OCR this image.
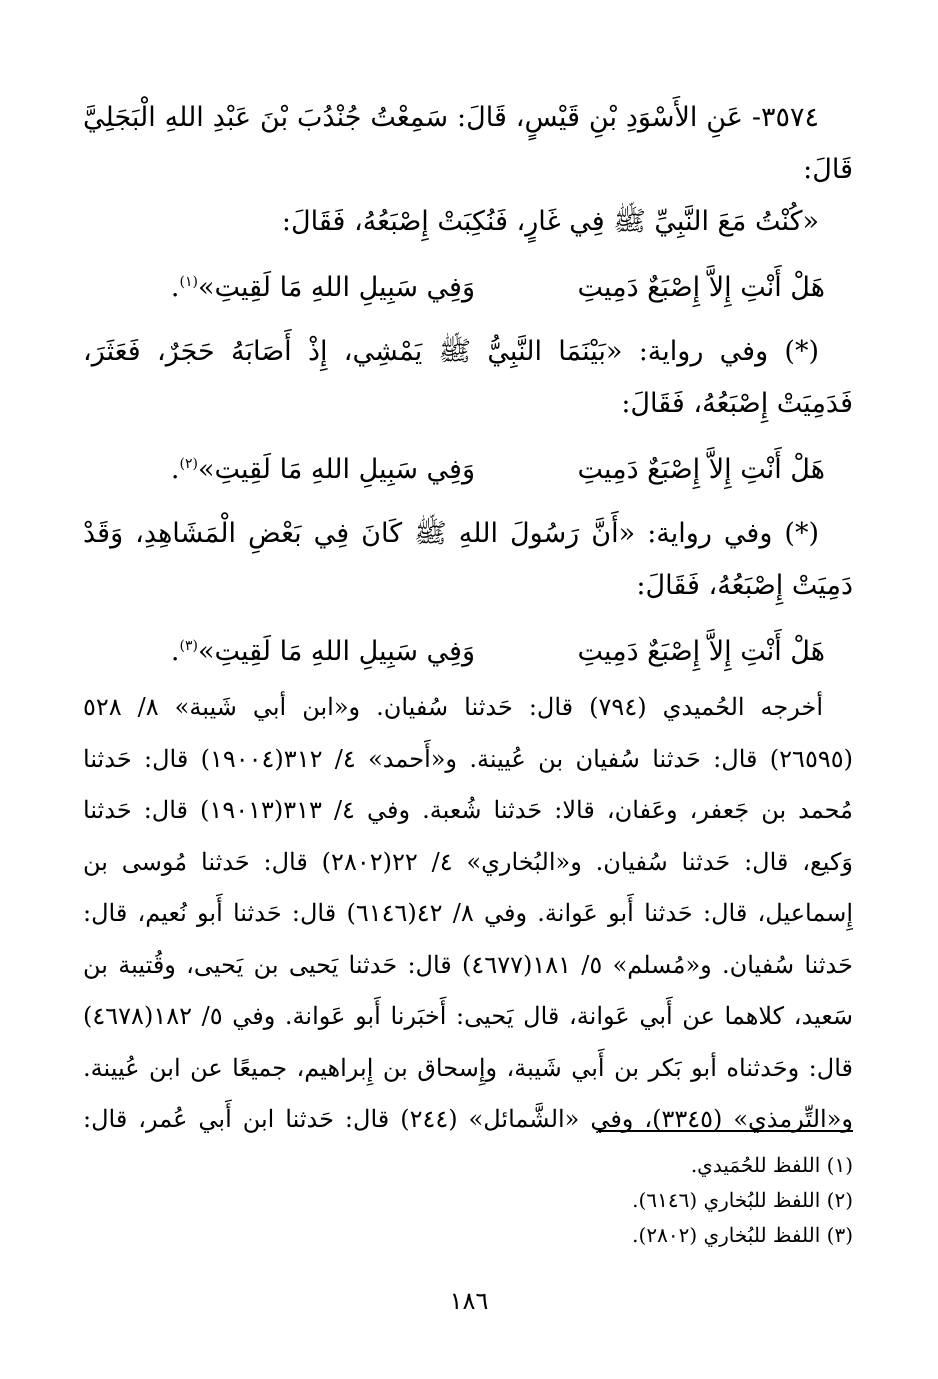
٣٥٧٤- عَنِ الأَسْوَدِ بْنِ قَيْسٍ، قَالَ: سَمِعْتُ جُنْدُبَ بْنَ عَبْدِ اللهِ الْبَجَلِيَّ قَالَ:

«كُنْتُ مَعَ النَّبِيِّ ﷺ فِي غَارٍ، فَنُكِبَتْ إِصْبَعُهُ، فَقَالَ:

هَلْ أَنْتِ إِلاَّ إِصْبَعٌ دَمِيتِ
وَفِي سَبِيلِ اللهِ مَا لَقِيتِ»$^{(١)}$.

(*) وفي رواية: «بَيْنَمَا النَّبِيُّ ﷺ يَمْشِي، إِذْ أَصَابَهُ حَجَرٌ، فَعَثَرَ، فَدَمِيَتْ إِصْبَعُهُ، فَقَالَ:

هَلْ أَنْتِ إِلاَّ إِصْبَعٌ دَمِيتِ
وَفِي سَبِيلِ اللهِ مَا لَقِيتِ»$^{(٢)}$.

(*) وفي رواية: «أَنَّ رَسُولَ اللهِ ﷺ كَانَ فِي بَعْضِ الْمَشَاهِدِ، وَقَدْ دَمِيَتْ إِصْبَعُهُ، فَقَالَ:

هَلْ أَنْتِ إِلاَّ إِصْبَعٌ دَمِيتِ
وَفِي سَبِيلِ اللهِ مَا لَقِيتِ»$^{(٣)}$.
أخرجه الحُميدي (٧٩٤) قال: حَدثنا سُفيان. و«ابن أبي شَيبة» ٨/ ٥٢٨
(٢٦٥٩٥) قال: حَدثنا سُفيان بن عُيينة. و«أَحمد» ٤/ ٣١٢(١٩٠٠٤) قال: حَدثنا
مُحمد بن جَعفر، وعَفان، قالا: حَدثنا شُعبة. وفي ٤/ ٣١٣(١٩٠١٣) قال: حَدثنا
وَكيع، قال: حَدثنا سُفيان. و«البُخاري» ٤/ ٢٢(٢٨٠٢) قال: حَدثنا مُوسى بن
إِسماعيل، قال: حَدثنا أَبو عَوانة. وفي ٨/ ٤٢(٦١٤٦) قال: حَدثنا أَبو نُعيم، قال:
حَدثنا سُفيان. و«مُسلم» ٥/ ١٨١(٤٦٧٧) قال: حَدثنا يَحيى بن يَحيى، وقُتيبة بن
سَعيد، كلاهما عن أَبي عَوانة، قال يَحيى: أَخبَرنا أَبو عَوانة. وفي ٥/ ١٨٢(٤٦٧٨)
قال: وحَدثناه أبو بَكر بن أَبي شَيبة، وإِسحاق بن إِبراهيم، جميعًا عن ابن عُيينة.
و«التِّرمِذي» (٣٣٤٥)، وفي «الشَّمائل» (٢٤٤) قال: حَدثنا ابن أَبي عُمر، قال:
(١) اللفظ للحُمَيدي.
(٢) اللفظ للبُخاري (٦١٤٦).
(٣) اللفظ للبُخاري (٢٨٠٢).
١٨٦
